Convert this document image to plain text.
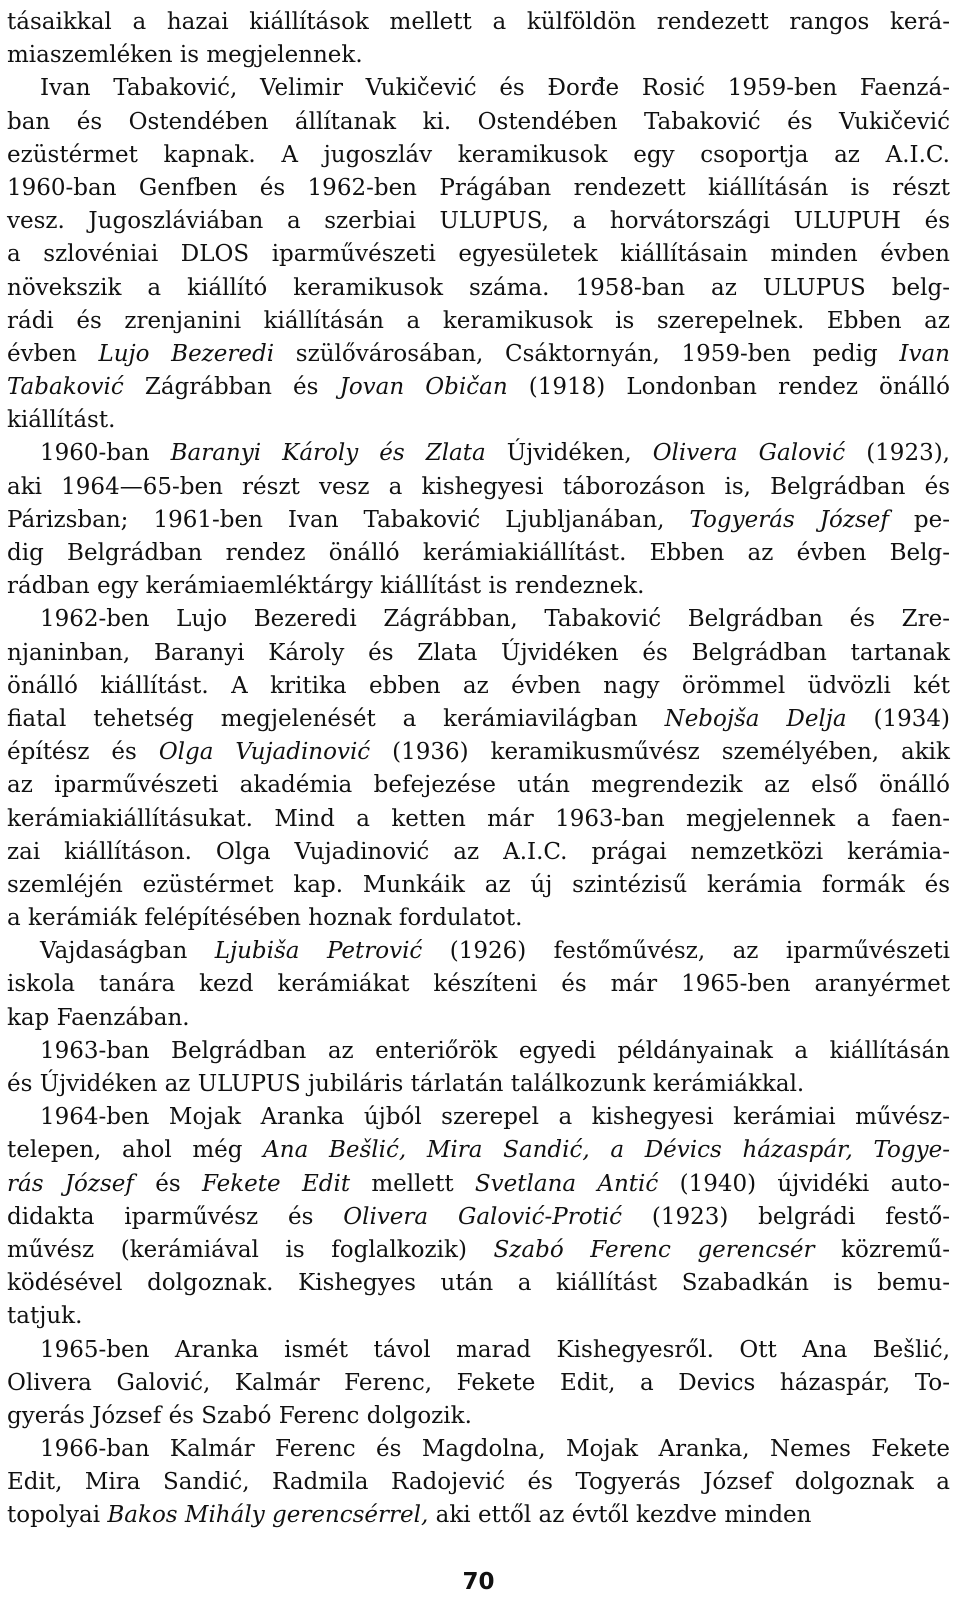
tásaikkal a hazai kiállítások mellett a külföldön rendezett rangos kerá-
miaszemléken is megjelennek.
Ivan Tabaković, Velimir Vukičević és Đorđe Rosić 1959-ben Faenzá-
ban és Ostendében állítanak ki. Ostendében Tabaković és Vukičević
ezüstérmet kapnak. A jugoszláv keramikusok egy csoportja az A.I.C.
1960-ban Genfben és 1962-ben Prágában rendezett kiállításán is részt
vesz. Jugoszláviában a szerbiai ULUPUS, a horvátországi ULUPUH és
a szlovéniai DLOS iparművészeti egyesületek kiállításain minden évben
növekszik a kiállító keramikusok száma. 1958-ban az ULUPUS belg-
rádi és zrenjanini kiállításán a keramikusok is szerepelnek. Ebben az
évben Lujo Bezeredi szülővárosában, Csáktornyán, 1959-ben pedig Ivan
Tabaković Zágrábban és Jovan Običan (1918) Londonban rendez önálló
kiállítást.
1960-ban Baranyi Károly és Zlata Újvidéken, Olivera Galović (1923),
aki 1964—65-ben részt vesz a kishegyesi táborozáson is, Belgrádban és
Párizsban; 1961-ben Ivan Tabaković Ljubljanában, Togyerás József pe-
dig Belgrádban rendez önálló kerámiakiállítást. Ebben az évben Belg-
rádban egy kerámiaemléktárgy kiállítást is rendeznek.
1962-ben Lujo Bezeredi Zágrábban, Tabaković Belgrádban és Zre-
njaninban, Baranyi Károly és Zlata Újvidéken és Belgrádban tartanak
önálló kiállítást. A kritika ebben az évben nagy örömmel üdvözli két
fiatal tehetség megjelenését a kerámiavilágban Nebojša Delja (1934)
építész és Olga Vujadinović (1936) keramikusművész személyében, akik
az iparművészeti akadémia befejezése után megrendezik az első önálló
kerámiakiállításukat. Mind a ketten már 1963-ban megjelennek a faen-
zai kiállításon. Olga Vujadinović az A.I.C. prágai nemzetközi kerámia-
szemléjén ezüstérmet kap. Munkáik az új szintézisű kerámia formák és
a kerámiák felépítésében hoznak fordulatot.
Vajdaságban Ljubiša Petrović (1926) festőművész, az iparművészeti
iskola tanára kezd kerámiákat készíteni és már 1965-ben aranyérmet
kap Faenzában.
1963-ban Belgrádban az enteriőrök egyedi példányainak a kiállításán
és Újvidéken az ULUPUS jubiláris tárlatán találkozunk kerámiákkal.
1964-ben Mojak Aranka újból szerepel a kishegyesi kerámiai művész-
telepen, ahol még Ana Bešlić, Mira Sandić, a Dévics házaspár, Togye-
rás József és Fekete Edit mellett Svetlana Antić (1940) újvidéki auto-
didakta iparművész és Olivera Galović-Protić (1923) belgrádi festő-
művész (kerámiával is foglalkozik) Szabó Ferenc gerencsér közremű-
ködésével dolgoznak. Kishegyes után a kiállítást Szabadkán is bemu-
tatjuk.
1965-ben Aranka ismét távol marad Kishegyesről. Ott Ana Bešlić,
Olivera Galović, Kalmár Ferenc, Fekete Edit, a Devics házaspár, To-
gyerás József és Szabó Ferenc dolgozik.
1966-ban Kalmár Ferenc és Magdolna, Mojak Aranka, Nemes Fekete
Edit, Mira Sandić, Radmila Radojević és Togyerás József dolgoznak a
topolyai Bakos Mihály gerencsérrel, aki ettől az évtől kezdve minden
70
